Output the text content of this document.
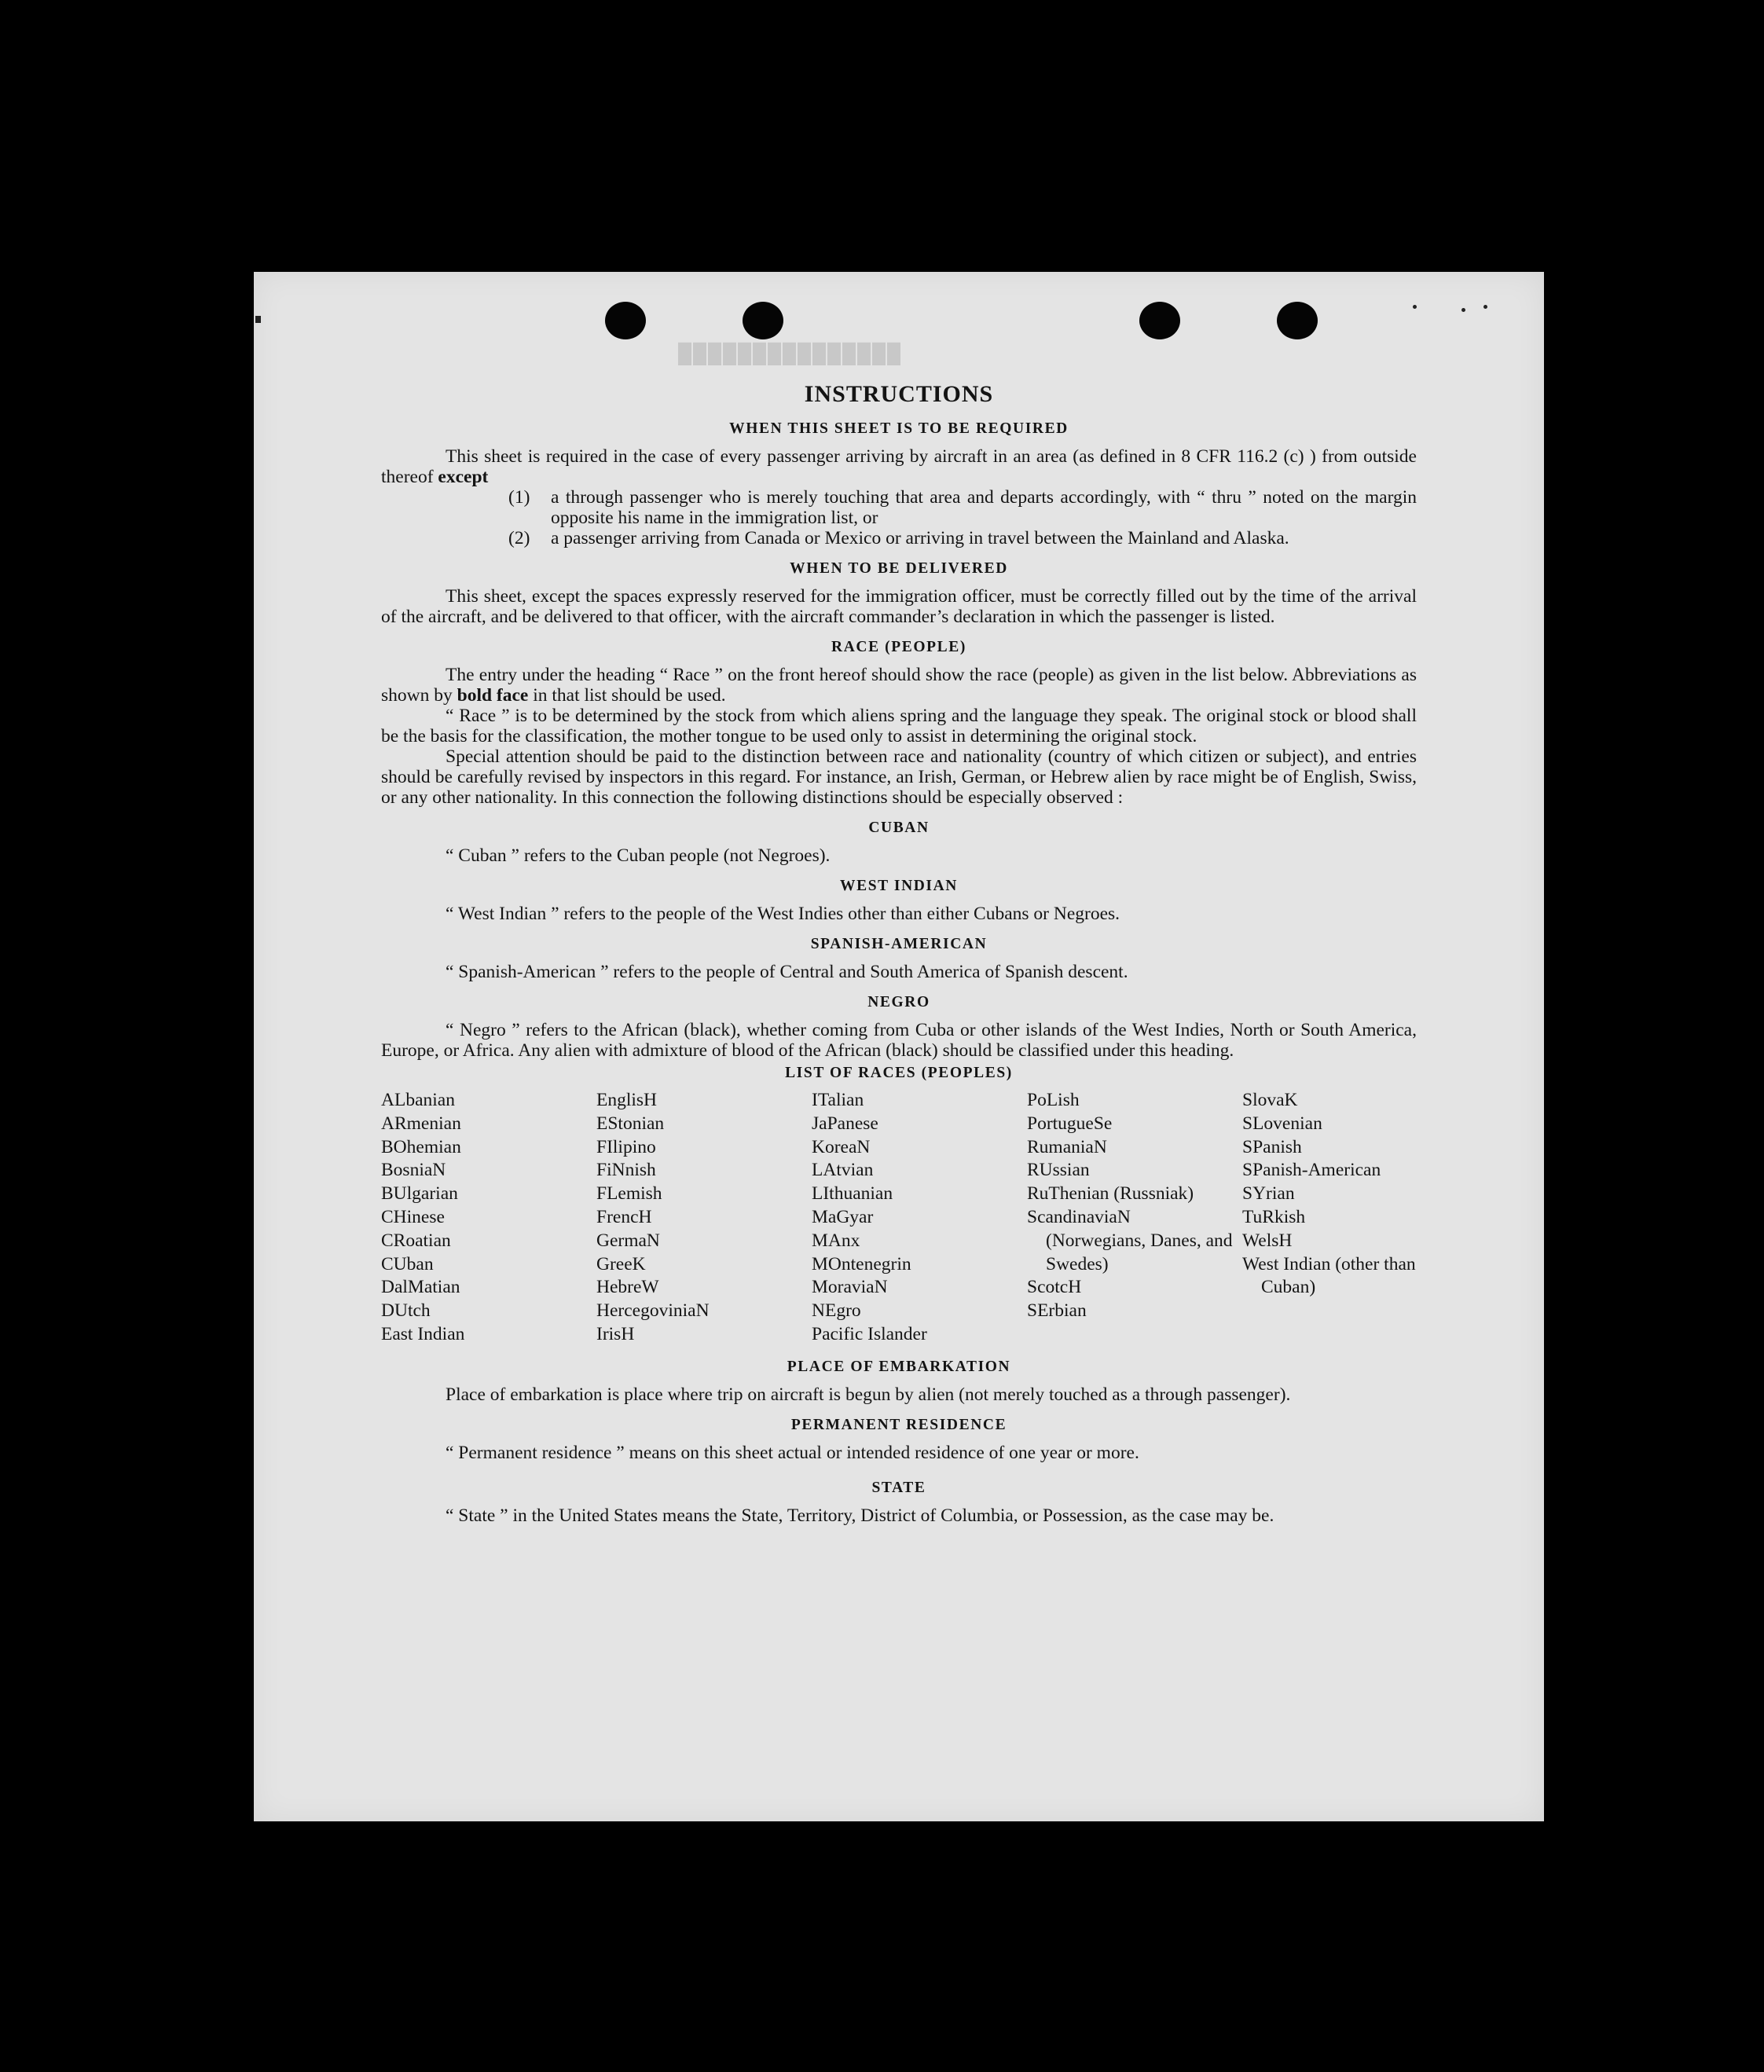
███████████████
INSTRUCTIONS
WHEN THIS SHEET IS TO BE REQUIRED

This sheet is required in the case of every passenger arriving by aircraft in an area (as defined in 8 CFR 116.2 (c) ) from outside thereof except

(1)	a through passenger who is merely touching that area and departs accordingly, with “ thru ” noted on the margin opposite his name in the immigration list, or
(2)	a passenger arriving from Canada or Mexico or arriving in travel between the Mainland and Alaska.
WHEN TO BE DELIVERED

This sheet, except the spaces expressly reserved for the immigration officer, must be correctly filled out by the time of the arrival of the aircraft, and be delivered to that officer, with the aircraft commander’s declaration in which the passenger is listed.

RACE (PEOPLE)

The entry under the heading “ Race ” on the front hereof should show the race (people) as given in the list below. Abbreviations as shown by bold face in that list should be used.

“ Race ” is to be determined by the stock from which aliens spring and the language they speak. The original stock or blood shall be the basis for the classification, the mother tongue to be used only to assist in determining the original stock.

Special attention should be paid to the distinction between race and nationality (country of which citizen or subject), and entries should be carefully revised by inspectors in this regard. For instance, an Irish, German, or Hebrew alien by race might be of English, Swiss, or any other nationality. In this connection the following distinctions should be especially observed :

CUBAN

“ Cuban ” refers to the Cuban people (not Negroes).

WEST INDIAN

“ West Indian ” refers to the people of the West Indies other than either Cubans or Negroes.

SPANISH-AMERICAN

“ Spanish-American ” refers to the people of Central and South America of Spanish descent.

NEGRO

“ Negro ” refers to the African (black), whether coming from Cuba or other islands of the West Indies, North or South America, Europe, or Africa. Any alien with admixture of blood of the African (black) should be classified under this heading.

LIST OF RACES (PEOPLES)
ALbanian
ARmenian
BOhemian
BosniaN
BUlgarian
CHinese
CRoatian
CUban
DalMatian
DUtch
East Indian
EnglisH
EStonian
FIlipino
FiNnish
FLemish
FrencH
GermaN
GreeK
HebreW
HercegoviniaN
IrisH
ITalian
JaPanese
KoreaN
LAtvian
LIthuanian
MaGyar
MAnx
MOntenegrin
MoraviaN
NEgro
Pacific Islander
PoLish
PortugueSe
RumaniaN
RUssian
RuThenian (Russniak)
ScandinaviaN (Norwegians, Danes, and Swedes)
ScotcH
SErbian
SlovaK
SLovenian
SPanish
SPanish-American
SYrian
TuRkish
WelsH
West Indian (other than Cuban)
PLACE OF EMBARKATION

Place of embarkation is place where trip on aircraft is begun by alien (not merely touched as a through passenger).

PERMANENT RESIDENCE

“ Permanent residence ” means on this sheet actual or intended residence of one year or more.

STATE

“ State ” in the United States means the State, Territory, District of Columbia, or Possession, as the case may be.
